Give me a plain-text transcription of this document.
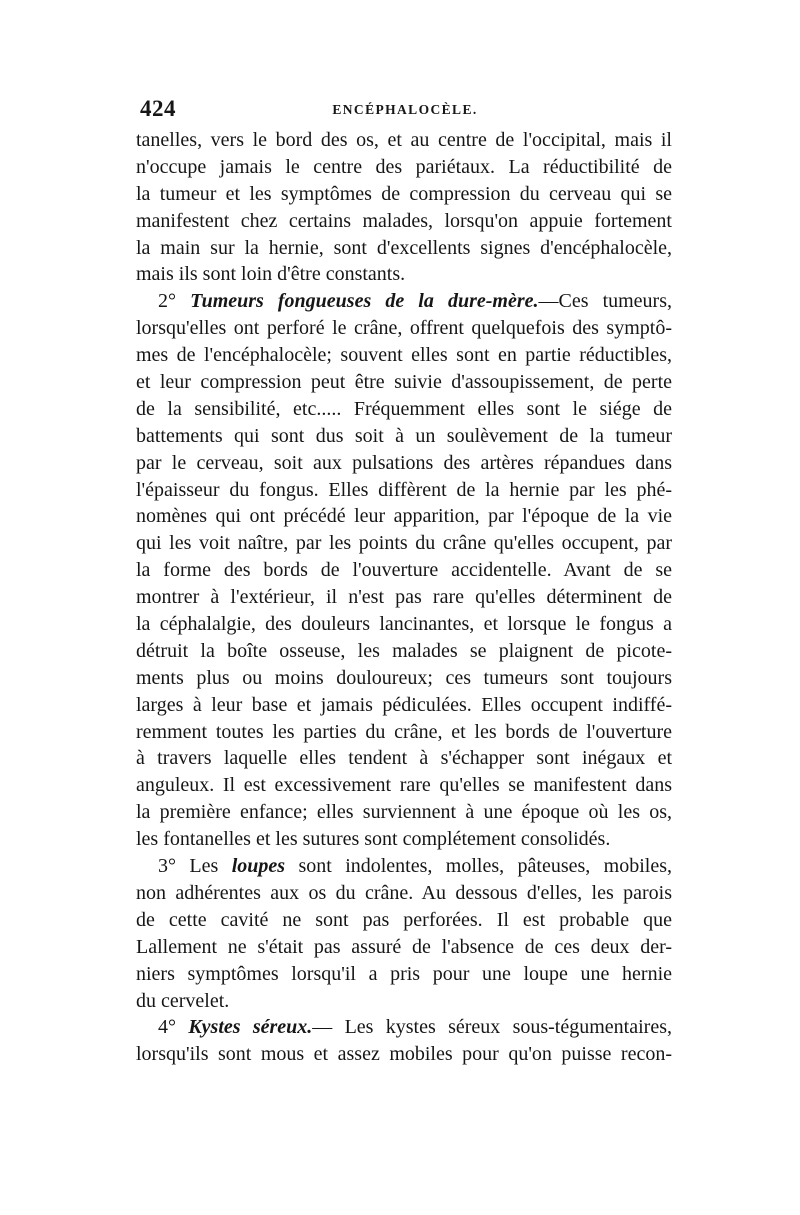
424	ENCÉPHALOCÈLE.
tanelles, vers le bord des os, et au centre de l'occipital, mais il
n'occupe jamais le centre des pariétaux. La réductibilité de
la tumeur et les symptômes de compression du cerveau qui se
manifestent chez certains malades, lorsqu'on appuie fortement
la main sur la hernie, sont d'excellents signes d'encéphalocèle,
mais ils sont loin d'être constants.
2° Tumeurs fongueuses de la dure-mère.—Ces tumeurs,
lorsqu'elles ont perforé le crâne, offrent quelquefois des symptô-
mes de l'encéphalocèle; souvent elles sont en partie réductibles,
et leur compression peut être suivie d'assoupissement, de perte
de la sensibilité, etc..... Fréquemment elles sont le siége de
battements qui sont dus soit à un soulèvement de la tumeur
par le cerveau, soit aux pulsations des artères répandues dans
l'épaisseur du fongus. Elles diffèrent de la hernie par les phé-
nomènes qui ont précédé leur apparition, par l'époque de la vie
qui les voit naître, par les points du crâne qu'elles occupent, par
la forme des bords de l'ouverture accidentelle. Avant de se
montrer à l'extérieur, il n'est pas rare qu'elles déterminent de
la céphalalgie, des douleurs lancinantes, et lorsque le fongus a
détruit la boîte osseuse, les malades se plaignent de picote-
ments plus ou moins douloureux; ces tumeurs sont toujours
larges à leur base et jamais pédiculées. Elles occupent indiffé-
remment toutes les parties du crâne, et les bords de l'ouverture
à travers laquelle elles tendent à s'échapper sont inégaux et
anguleux. Il est excessivement rare qu'elles se manifestent dans
la première enfance; elles surviennent à une époque où les os,
les fontanelles et les sutures sont complétement consolidés.
3° Les loupes sont indolentes, molles, pâteuses, mobiles,
non adhérentes aux os du crâne. Au dessous d'elles, les parois
de cette cavité ne sont pas perforées. Il est probable que
Lallement ne s'était pas assuré de l'absence de ces deux der-
niers symptômes lorsqu'il a pris pour une loupe une hernie
du cervelet.
4° Kystes séreux.— Les kystes séreux sous-tégumentaires,
lorsqu'ils sont mous et assez mobiles pour qu'on puisse recon-
